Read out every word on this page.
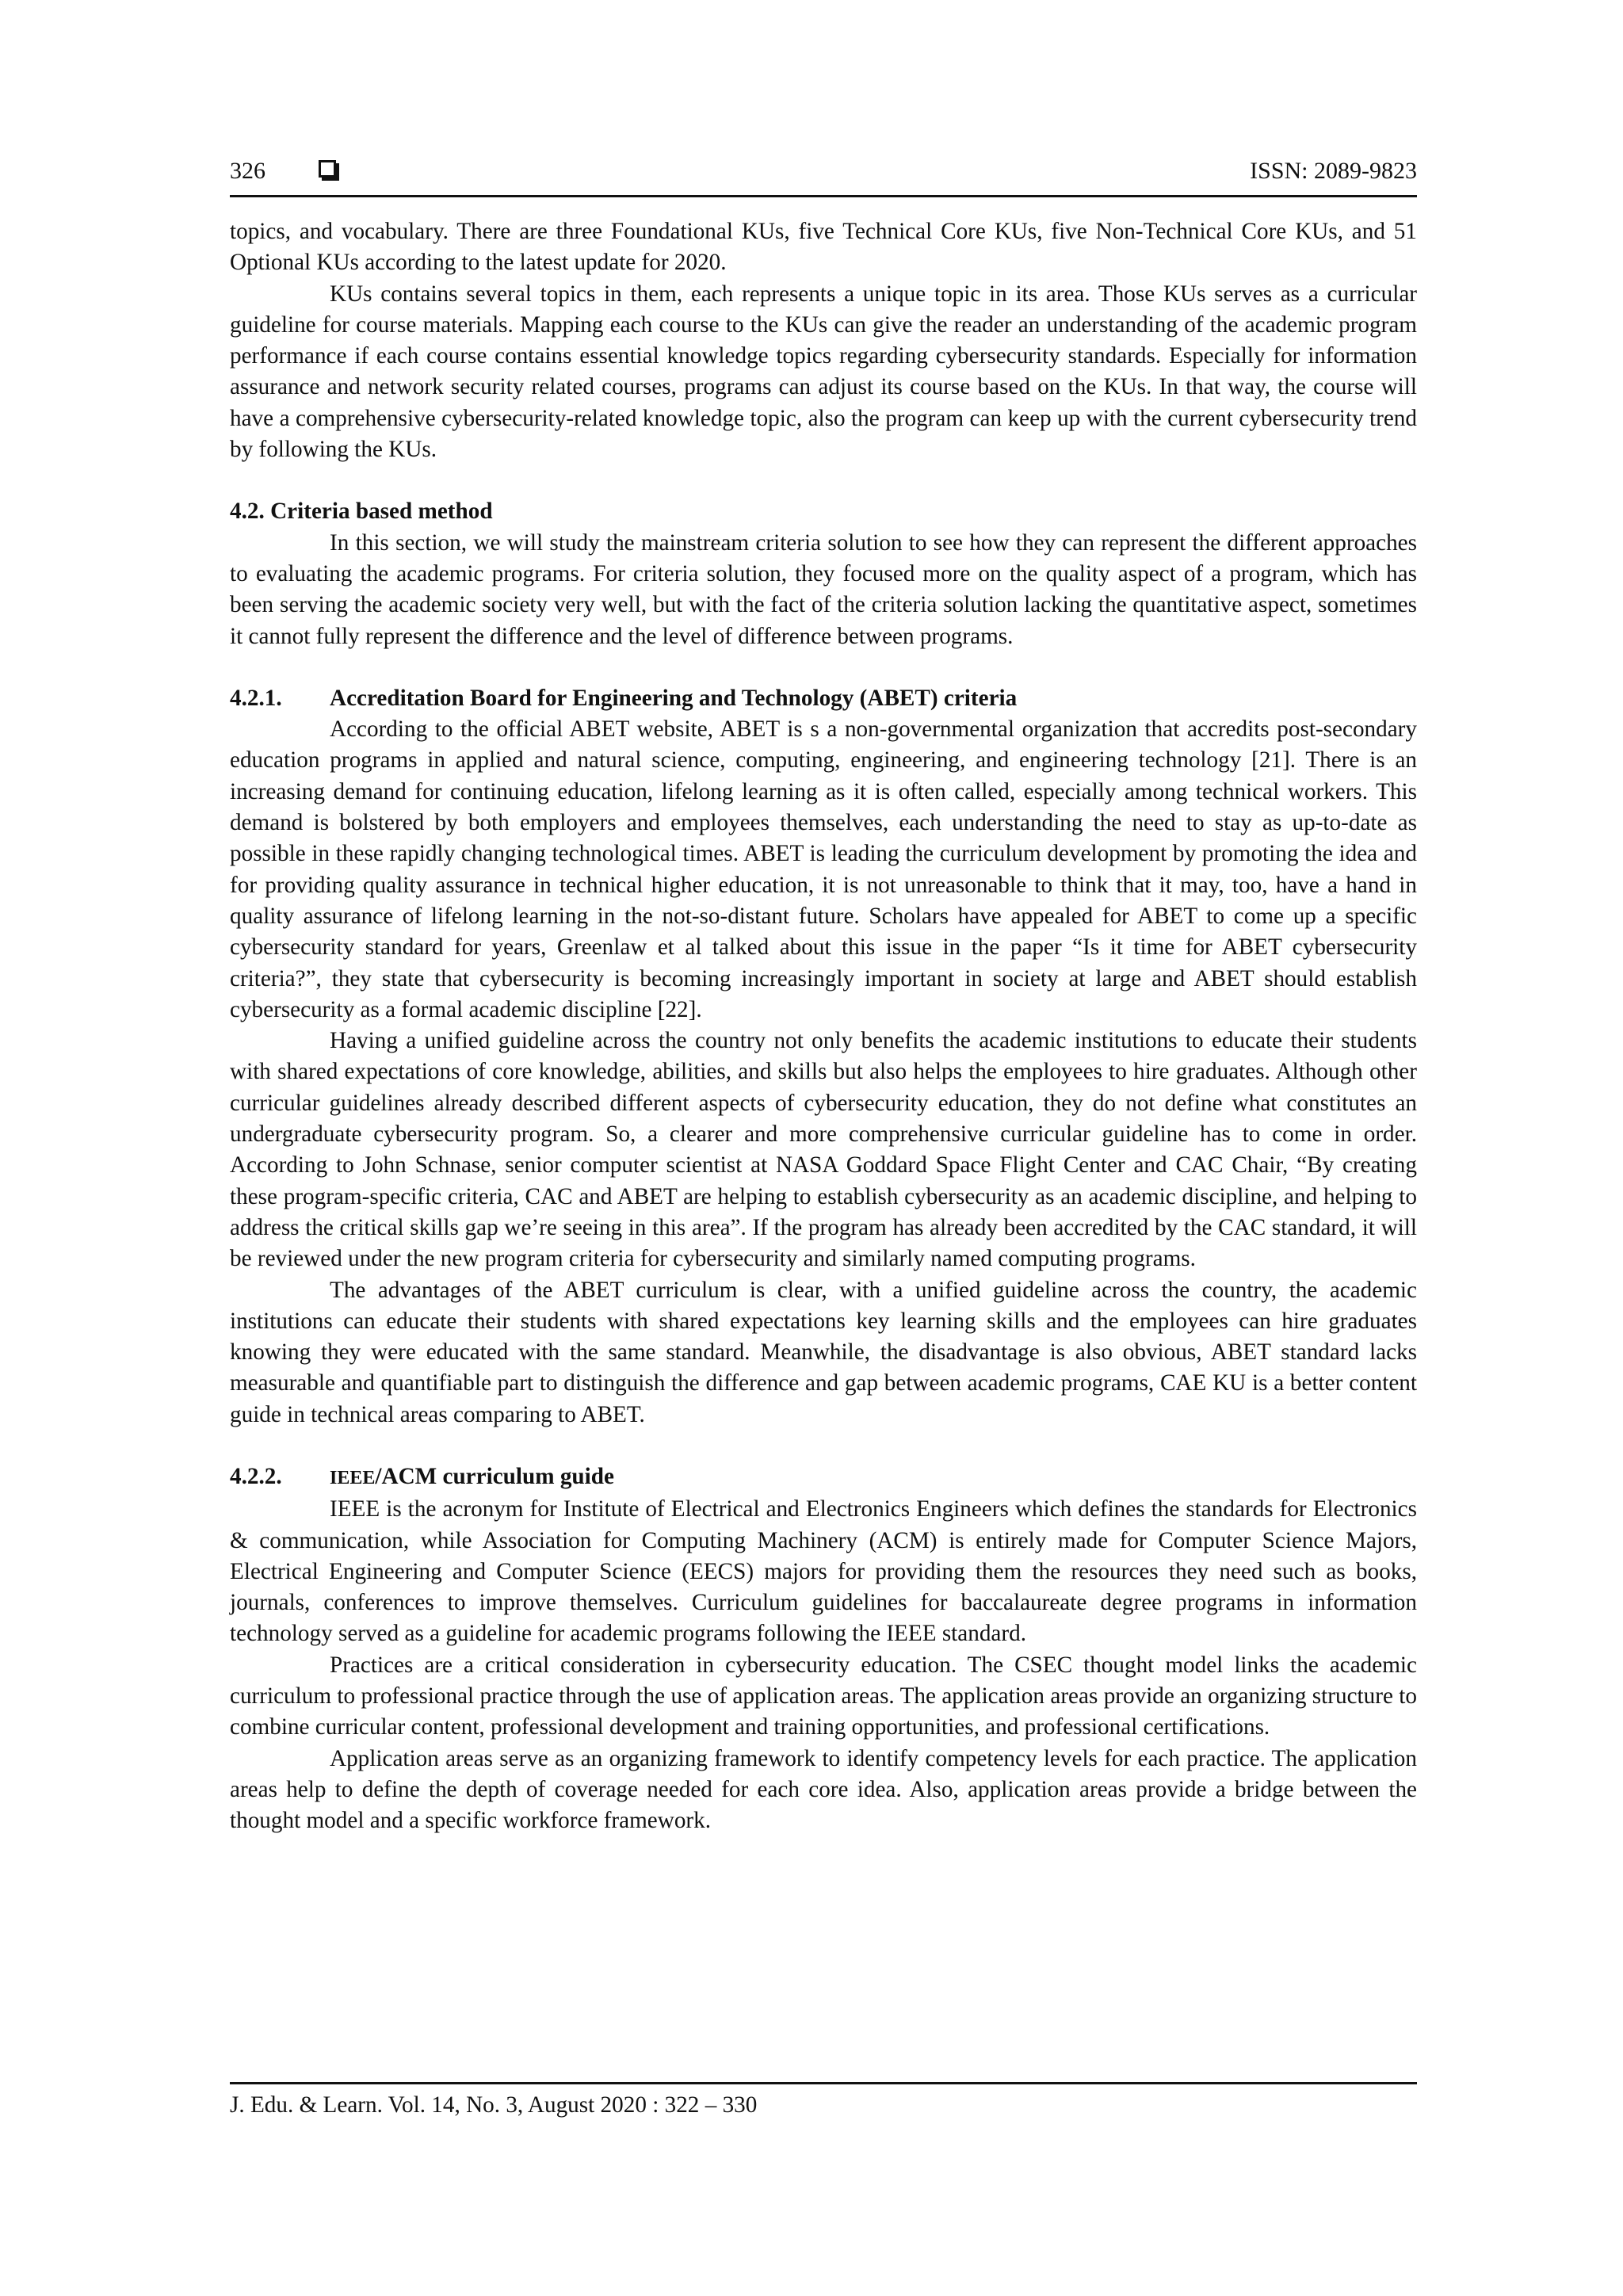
326	ISSN: 2089-9823

topics, and vocabulary. There are three Foundational KUs, five Technical Core KUs, five Non-Technical Core KUs, and 51 Optional KUs according to the latest update for 2020.

KUs contains several topics in them, each represents a unique topic in its area. Those KUs serves as a curricular guideline for course materials. Mapping each course to the KUs can give the reader an understanding of the academic program performance if each course contains essential knowledge topics regarding cybersecurity standards. Especially for information assurance and network security related courses, programs can adjust its course based on the KUs. In that way, the course will have a comprehensive cybersecurity-related knowledge topic, also the program can keep up with the current cybersecurity trend by following the KUs.

4.2. Criteria based method

In this section, we will study the mainstream criteria solution to see how they can represent the different approaches to evaluating the academic programs. For criteria solution, they focused more on the quality aspect of a program, which has been serving the academic society very well, but with the fact of the criteria solution lacking the quantitative aspect, sometimes it cannot fully represent the difference and the level of difference between programs.

4.2.1. Accreditation Board for Engineering and Technology (ABET) criteria

According to the official ABET website, ABET is s a non-governmental organization that accredits post-secondary education programs in applied and natural science, computing, engineering, and engineering technology [21]. There is an increasing demand for continuing education, lifelong learning as it is often called, especially among technical workers. This demand is bolstered by both employers and employees themselves, each understanding the need to stay as up-to-date as possible in these rapidly changing technological times. ABET is leading the curriculum development by promoting the idea and for providing quality assurance in technical higher education, it is not unreasonable to think that it may, too, have a hand in quality assurance of lifelong learning in the not-so-distant future. Scholars have appealed for ABET to come up a specific cybersecurity standard for years, Greenlaw et al talked about this issue in the paper “Is it time for ABET cybersecurity criteria?”, they state that cybersecurity is becoming increasingly important in society at large and ABET should establish cybersecurity as a formal academic discipline [22].

Having a unified guideline across the country not only benefits the academic institutions to educate their students with shared expectations of core knowledge, abilities, and skills but also helps the employees to hire graduates. Although other curricular guidelines already described different aspects of cybersecurity education, they do not define what constitutes an undergraduate cybersecurity program. So, a clearer and more comprehensive curricular guideline has to come in order. According to John Schnase, senior computer scientist at NASA Goddard Space Flight Center and CAC Chair, “By creating these program-specific criteria, CAC and ABET are helping to establish cybersecurity as an academic discipline, and helping to address the critical skills gap we’re seeing in this area”. If the program has already been accredited by the CAC standard, it will be reviewed under the new program criteria for cybersecurity and similarly named computing programs.

The advantages of the ABET curriculum is clear, with a unified guideline across the country, the academic institutions can educate their students with shared expectations key learning skills and the employees can hire graduates knowing they were educated with the same standard. Meanwhile, the disadvantage is also obvious, ABET standard lacks measurable and quantifiable part to distinguish the difference and gap between academic programs, CAE KU is a better content guide in technical areas comparing to ABET.

4.2.2.	IEEE/ACM curriculum guide

IEEE is the acronym for Institute of Electrical and Electronics Engineers which defines the standards for Electronics & communication, while Association for Computing Machinery (ACM) is entirely made for Computer Science Majors, Electrical Engineering and Computer Science (EECS) majors for providing them the resources they need such as books, journals, conferences to improve themselves. Curriculum guidelines for baccalaureate degree programs in information technology served as a guideline for academic programs following the IEEE standard.

Practices are a critical consideration in cybersecurity education. The CSEC thought model links the academic curriculum to professional practice through the use of application areas. The application areas provide an organizing structure to combine curricular content, professional development and training opportunities, and professional certifications.

Application areas serve as an organizing framework to identify competency levels for each practice. The application areas help to define the depth of coverage needed for each core idea. Also, application areas provide a bridge between the thought model and a specific workforce framework.

J. Edu. & Learn. Vol. 14, No. 3, August 2020 : 322 – 330
